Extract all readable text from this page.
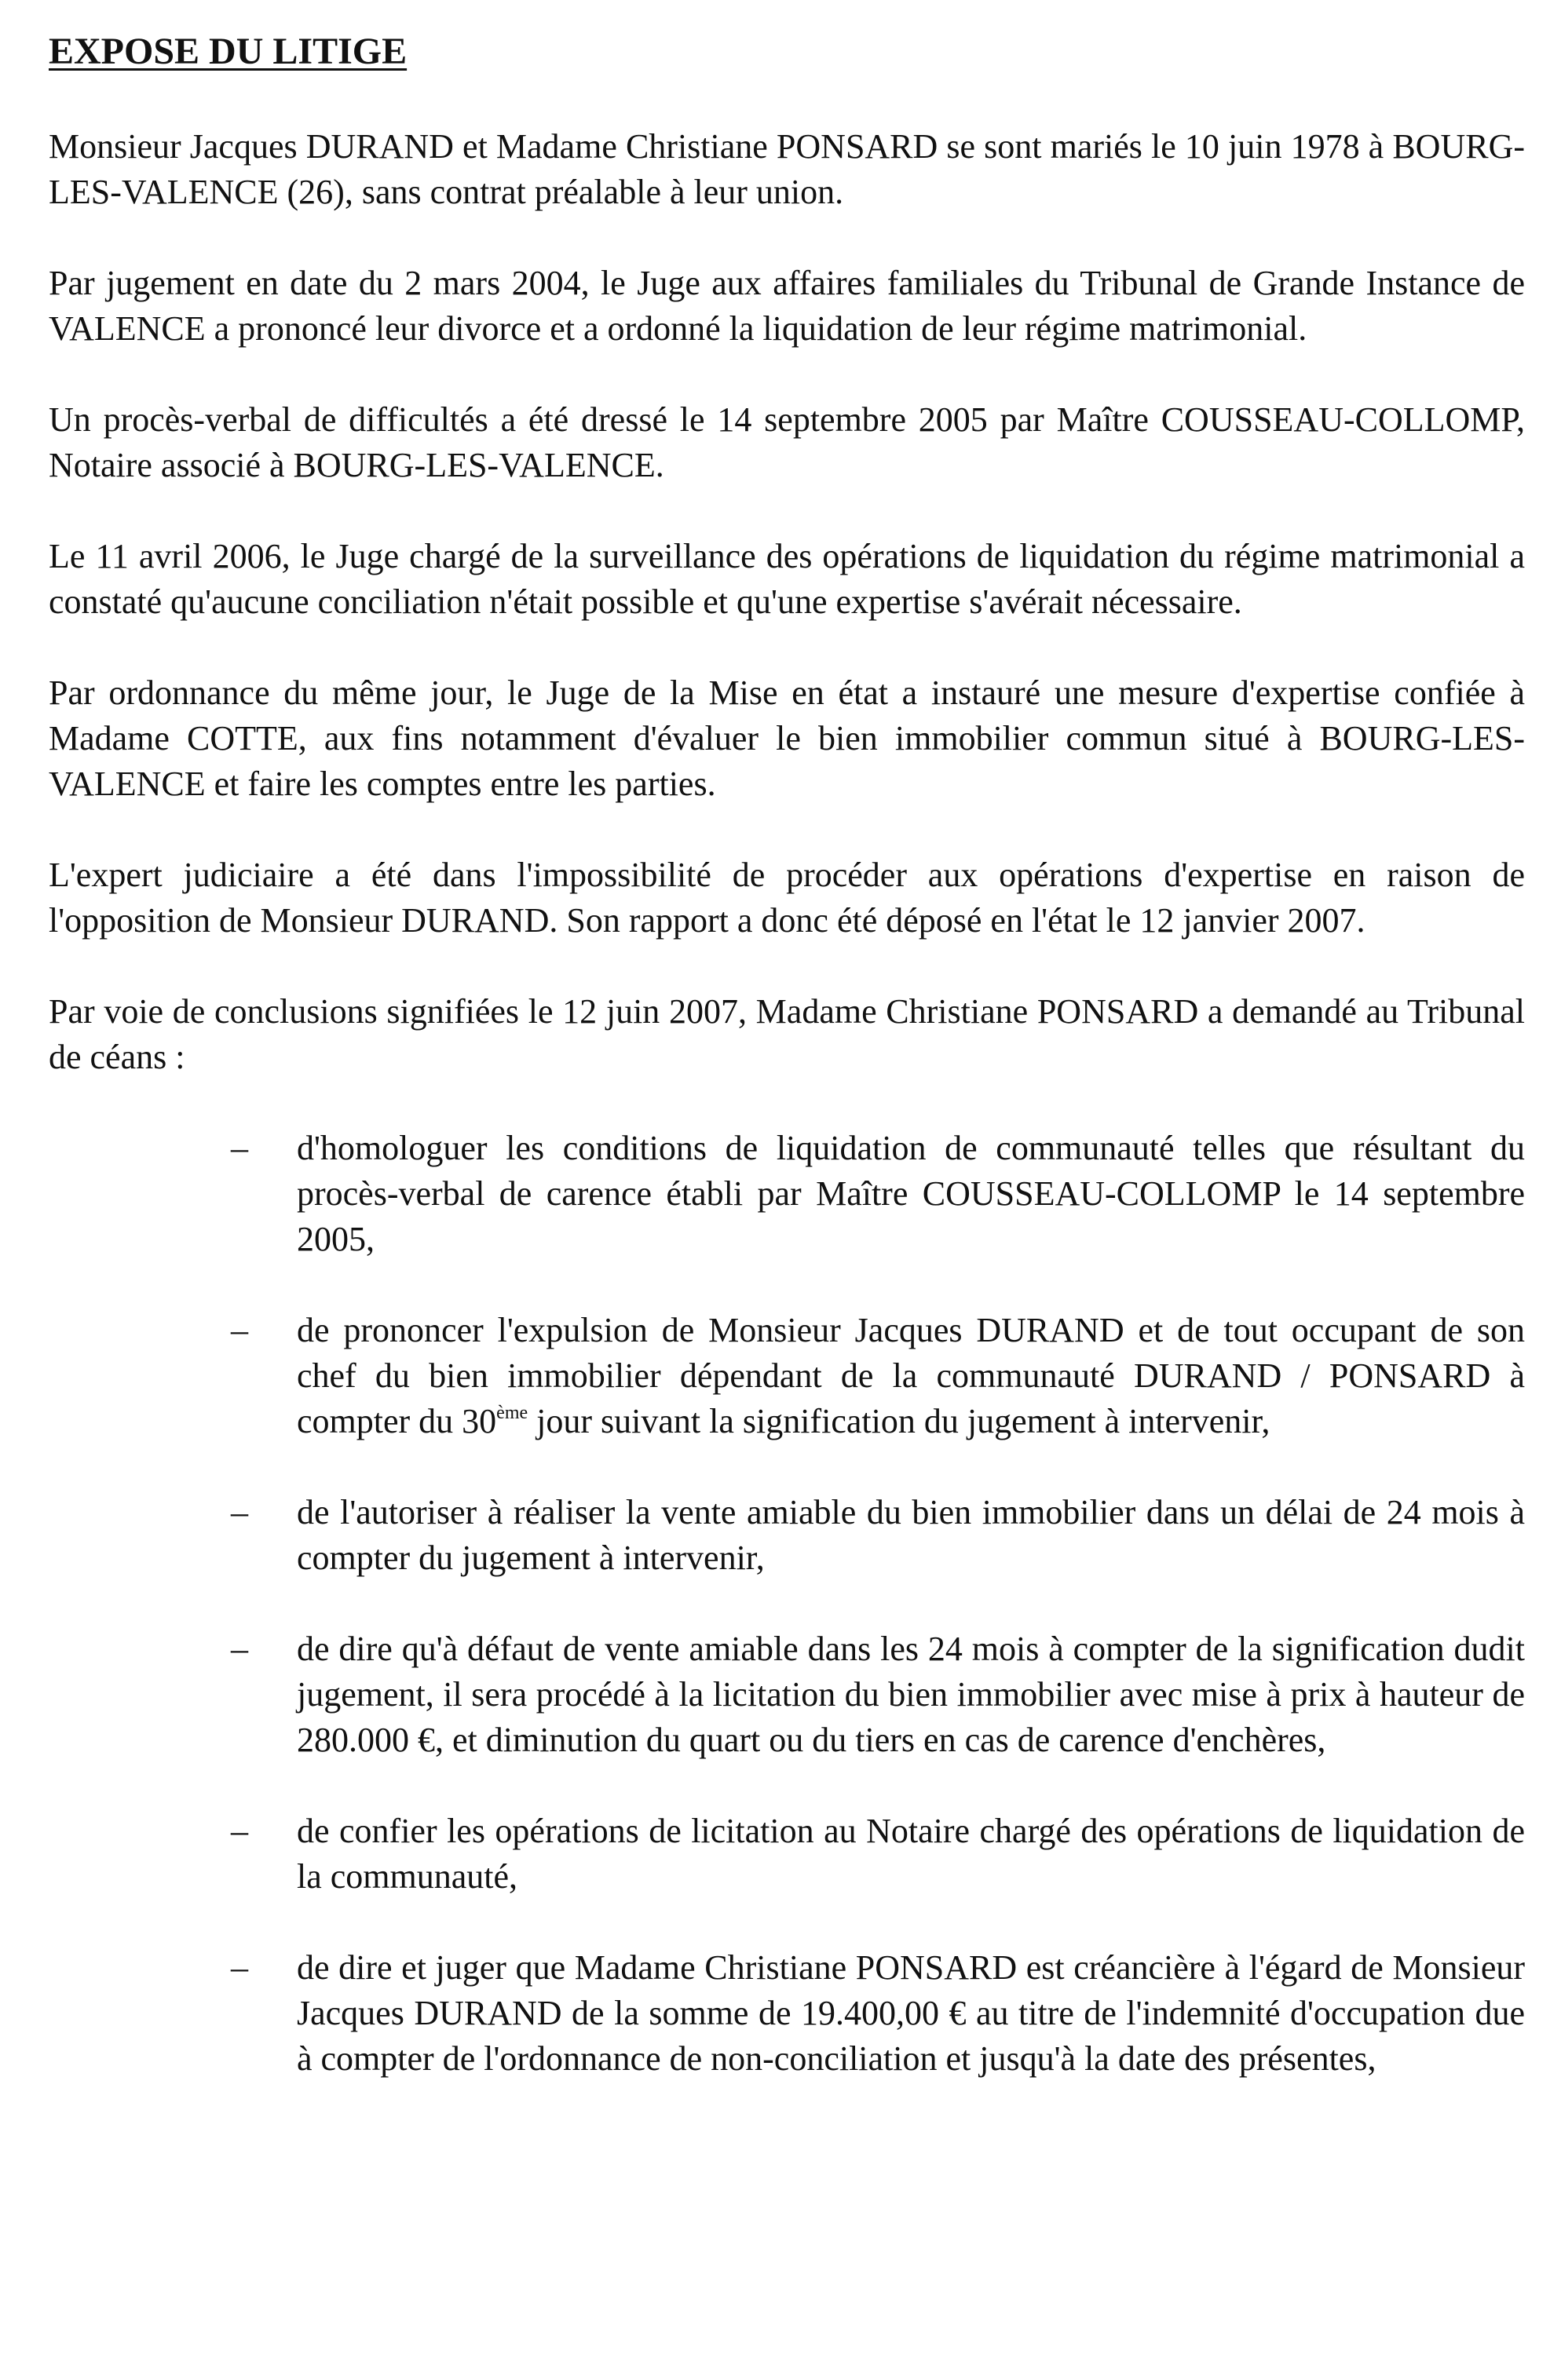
EXPOSE DU LITIGE

Monsieur Jacques DURAND et Madame Christiane PONSARD se sont mariés le 10 juin 1978 à BOURG-LES-VALENCE (26), sans contrat préalable à leur union.

Par jugement en date du 2 mars 2004, le Juge aux affaires familiales du Tribunal de Grande Instance de VALENCE a prononcé leur divorce et a ordonné la liquidation de leur régime matrimonial.

Un procès-verbal de difficultés a été dressé le 14 septembre 2005 par Maître COUSSEAU-COLLOMP, Notaire associé à BOURG-LES-VALENCE.

Le 11 avril 2006, le Juge chargé de la surveillance des opérations de liquidation du régime matrimonial a constaté qu'aucune conciliation n'était possible et qu'une expertise s'avérait nécessaire.

Par ordonnance du même jour, le Juge de la Mise en état a instauré une mesure d'expertise confiée à Madame COTTE, aux fins notamment d'évaluer le bien immobilier commun situé à BOURG-LES-VALENCE et faire les comptes entre les parties.

L'expert judiciaire a été dans l'impossibilité de procéder aux opérations d'expertise en raison de l'opposition de Monsieur DURAND. Son rapport a donc été déposé en l'état le 12 janvier 2007.

Par voie de conclusions signifiées le 12 juin 2007, Madame Christiane PONSARD a demandé au Tribunal de céans :

– d'homologuer les conditions de liquidation de communauté telles que résultant du procès-verbal de carence établi par Maître COUSSEAU-COLLOMP le 14 septembre 2005,
– de prononcer l'expulsion de Monsieur Jacques DURAND et de tout occupant de son chef du bien immobilier dépendant de la communauté DURAND / PONSARD à compter du 30ème jour suivant la signification du jugement à intervenir,
– de l'autoriser à réaliser la vente amiable du bien immobilier dans un délai de 24 mois à compter du jugement à intervenir,
– de dire qu'à défaut de vente amiable dans les 24 mois à compter de la signification dudit jugement, il sera procédé à la licitation du bien immobilier avec mise à prix à hauteur de 280.000 €, et diminution du quart ou du tiers en cas de carence d'enchères,
– de confier les opérations de licitation au Notaire chargé des opérations de liquidation de la communauté,
– de dire et juger que Madame Christiane PONSARD est créancière à l'égard de Monsieur Jacques DURAND de la somme de 19.400,00 € au titre de l'indemnité d'occupation due à compter de l'ordonnance de non-conciliation et jusqu'à la date des présentes,
